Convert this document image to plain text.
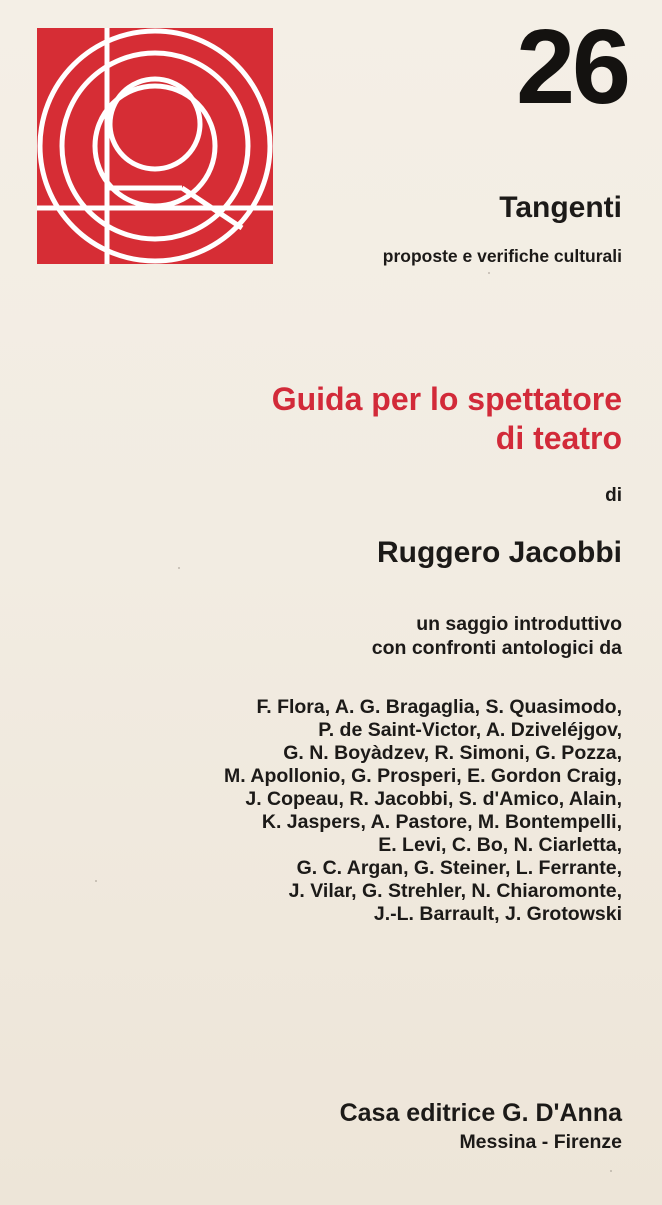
26
Tangenti
proposte e verifiche culturali
Guida per lo spettatore
di teatro
di
Ruggero Jacobbi
un saggio introduttivo
con confronti antologici da
F. Flora, A. G. Bragaglia, S. Quasimodo,
P. de Saint-Victor, A. Dziveléjgov,
G. N. Boyàdzev, R. Simoni, G. Pozza,
M. Apollonio, G. Prosperi, E. Gordon Craig,
J. Copeau, R. Jacobbi, S. d'Amico, Alain,
K. Jaspers, A. Pastore, M. Bontempelli,
E. Levi, C. Bo, N. Ciarletta,
G. C. Argan, G. Steiner, L. Ferrante,
J. Vilar, G. Strehler, N. Chiaromonte,
J.-L. Barrault, J. Grotowski
Casa editrice G. D'Anna
Messina - Firenze
